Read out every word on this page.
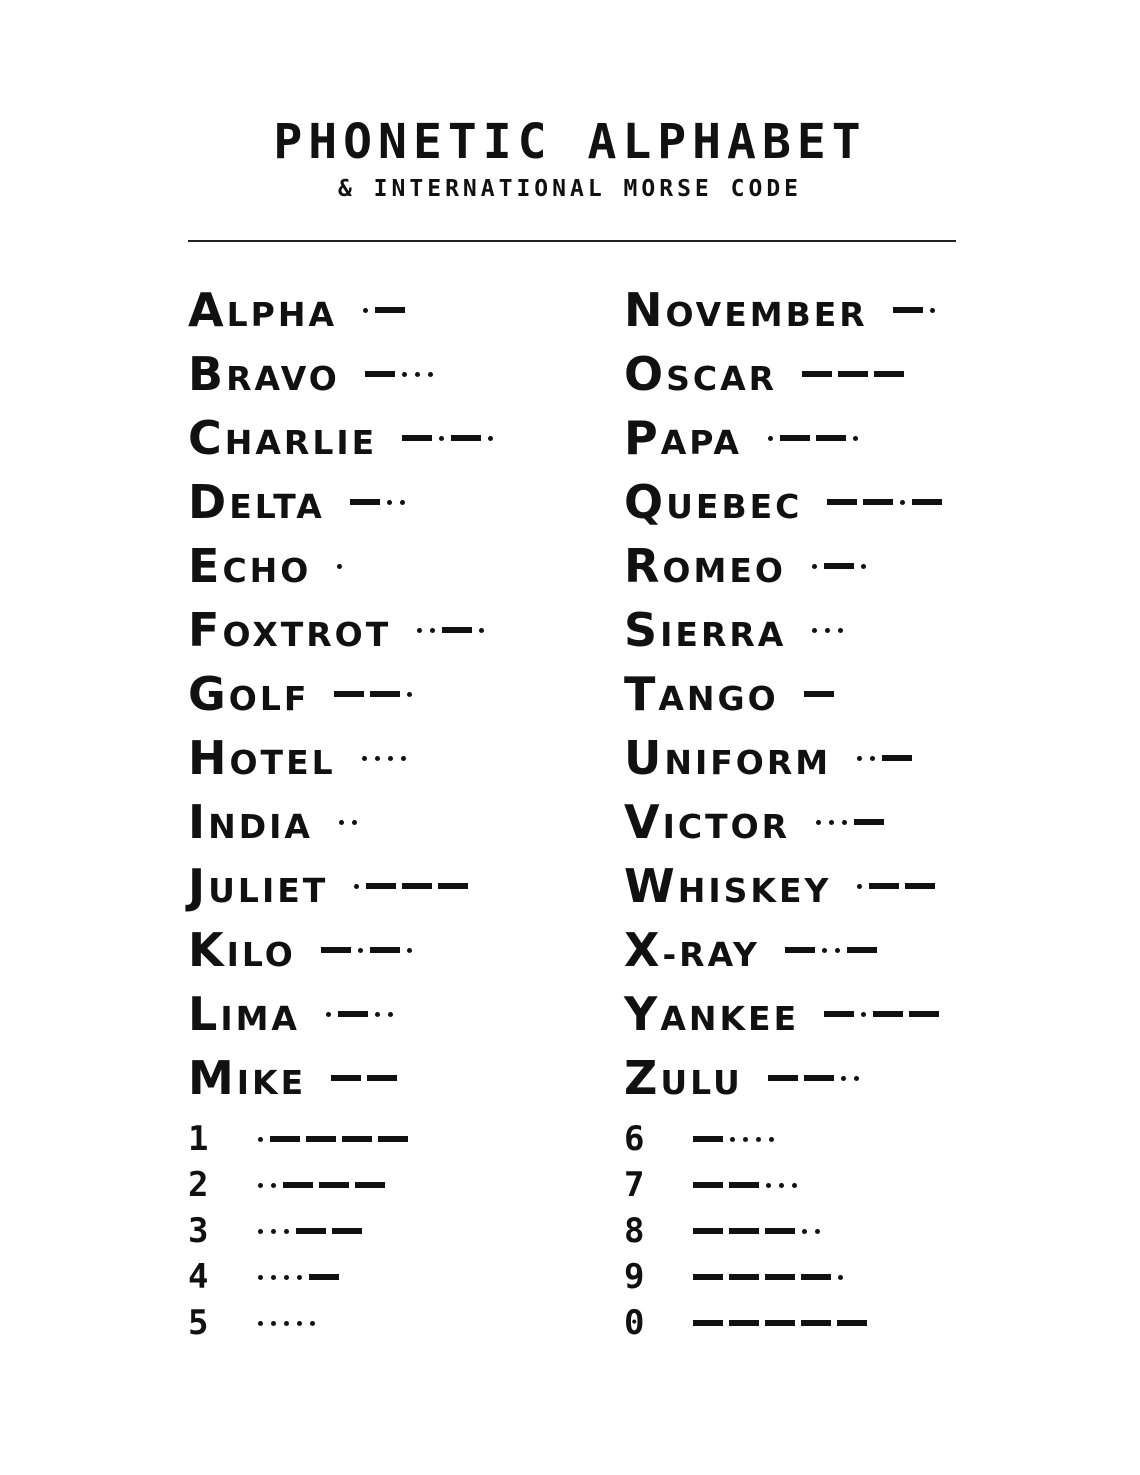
PHONETIC ALPHABET
& INTERNATIONAL MORSE CODE
ALPHA
BRAVO
CHARLIE
DELTA
ECHO
FOXTROT
GOLF
HOTEL
INDIA
JULIET
KILO
LIMA
MIKE
NOVEMBER
OSCAR
PAPA
QUEBEC
ROMEO
SIERRA
TANGO
UNIFORM
VICTOR
WHISKEY
X-RAY
YANKEE
ZULU
1
2
3
4
5
6
7
8
9
0
